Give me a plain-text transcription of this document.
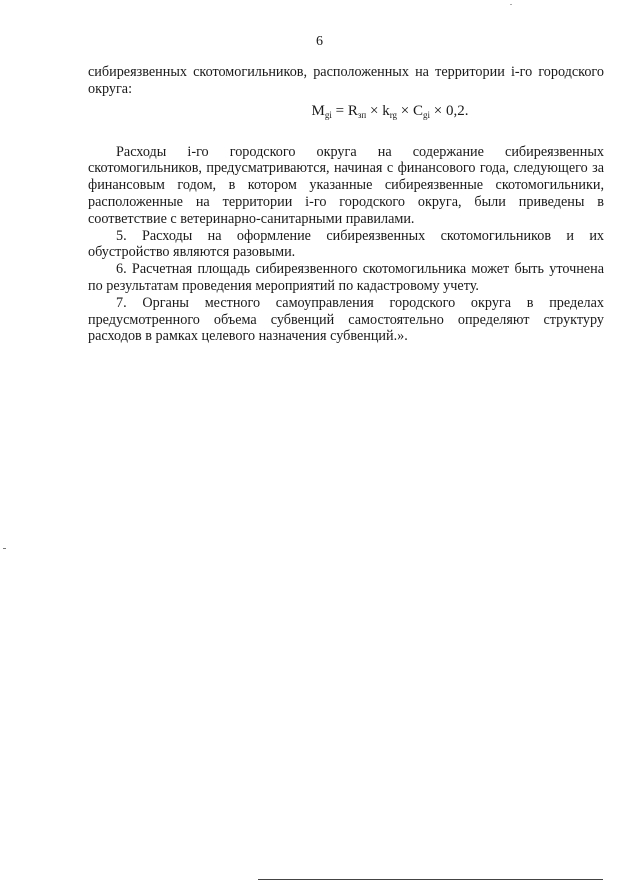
6

сибиреязвенных скотомогильников, расположенных на территории i-го городского округа:

$M_{gi} = R_{зп} \times k_{rg} \times C_{gi} \times 0,2$.

Расходы i-го городского округа на содержание сибиреязвенных скотомогильников, предусматриваются, начиная с финансового года, следующего за финансовым годом, в котором указанные сибиреязвенные скотомогильники, расположенные на территории i-го городского округа, были приведены в соответствие с ветеринарно-санитарными правилами.

5. Расходы на оформление сибиреязвенных скотомогильников и их обустройство являются разовыми.

6. Расчетная площадь сибиреязвенного скотомогильника может быть уточнена по результатам проведения мероприятий по кадастровому учету.

7. Органы местного самоуправления городского округа в пределах предусмотренного объема субвенций самостоятельно определяют структуру расходов в рамках целевого назначения субвенций.».
